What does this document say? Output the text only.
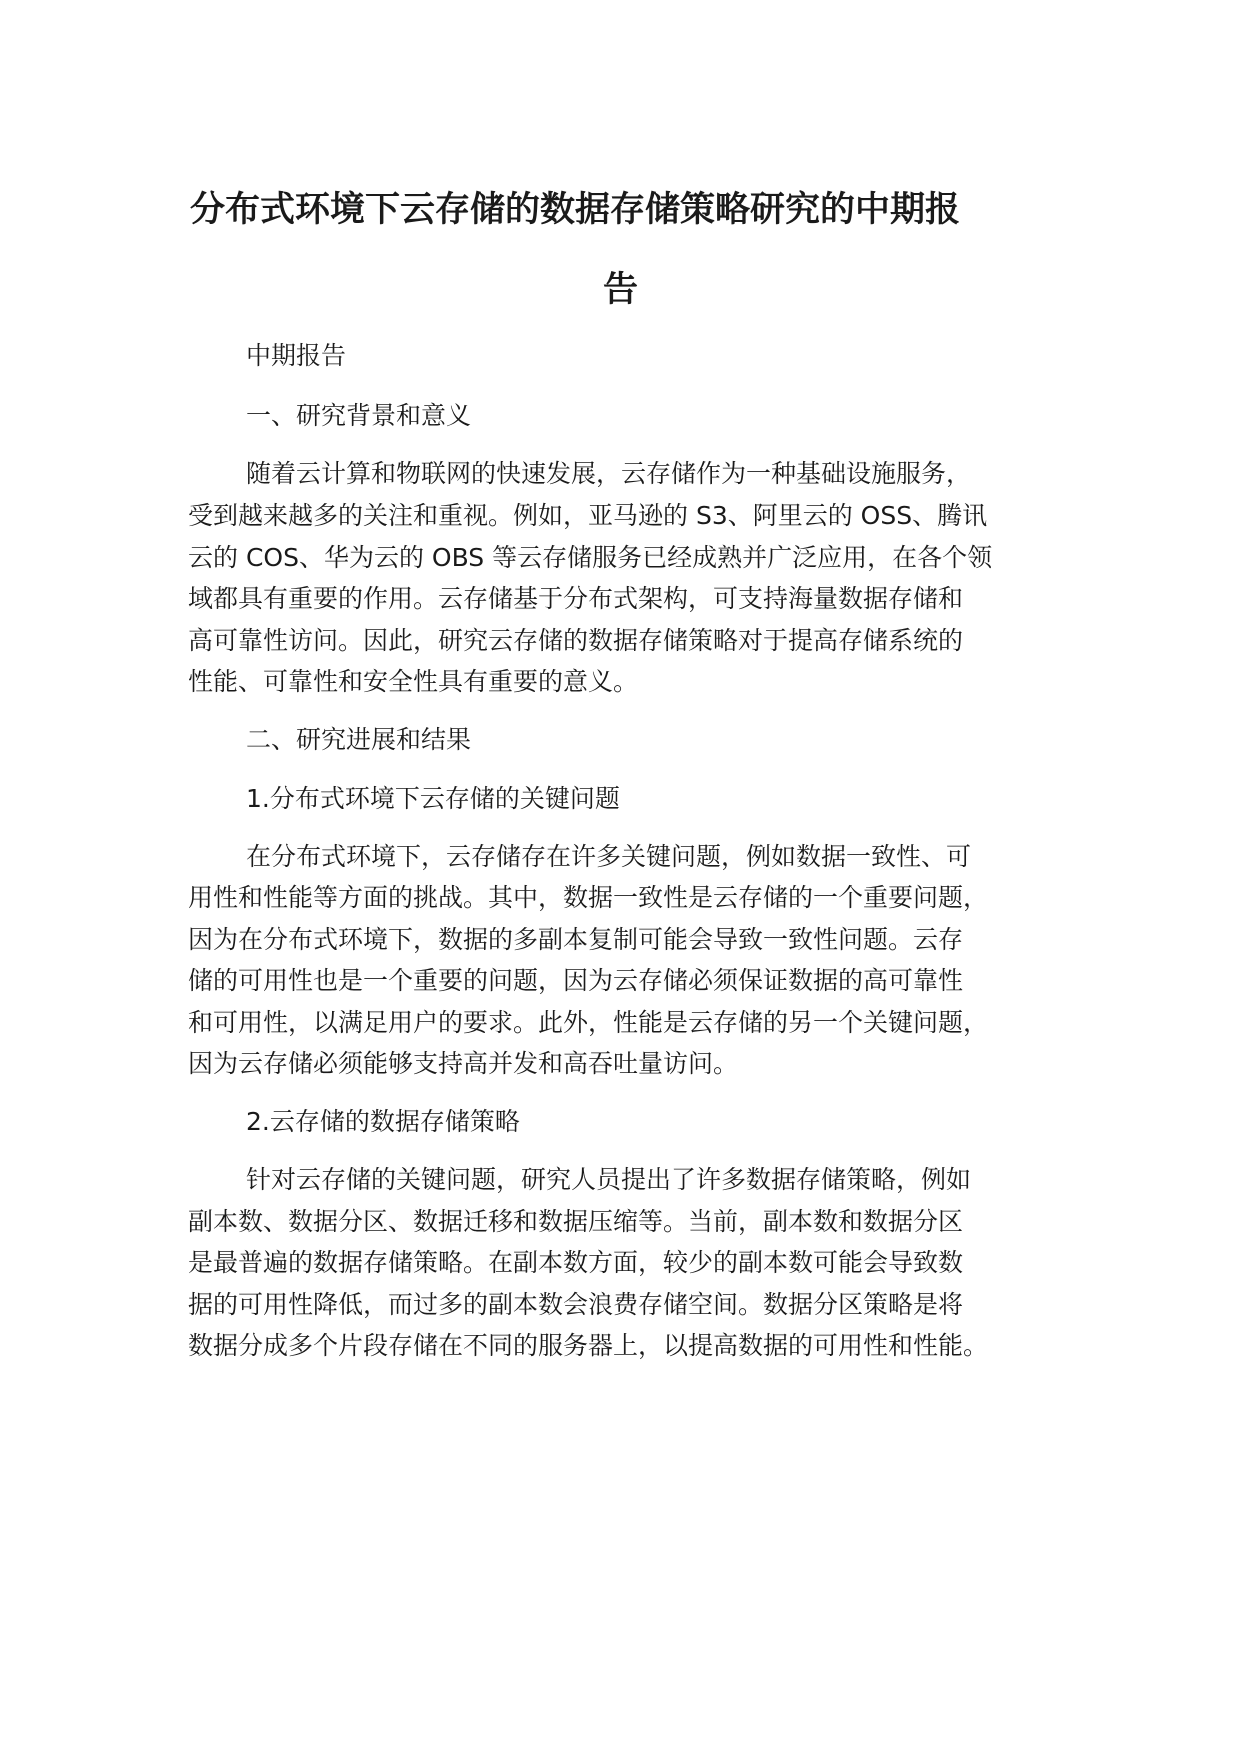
分布式环境下云存储的数据存储策略研究的中期报
告
中期报告
一、研究背景和意义
随着云计算和物联网的快速发展，云存储作为一种基础设施服务，
受到越来越多的关注和重视。例如，亚马逊的 S3、阿里云的 OSS、腾讯
云的 COS、华为云的 OBS 等云存储服务已经成熟并广泛应用，在各个领
域都具有重要的作用。云存储基于分布式架构，可支持海量数据存储和
高可靠性访问。因此，研究云存储的数据存储策略对于提高存储系统的
性能、可靠性和安全性具有重要的意义。
二、研究进展和结果
1.分布式环境下云存储的关键问题
在分布式环境下，云存储存在许多关键问题，例如数据一致性、可
用性和性能等方面的挑战。其中，数据一致性是云存储的一个重要问题，
因为在分布式环境下，数据的多副本复制可能会导致一致性问题。云存
储的可用性也是一个重要的问题，因为云存储必须保证数据的高可靠性
和可用性，以满足用户的要求。此外，性能是云存储的另一个关键问题，
因为云存储必须能够支持高并发和高吞吐量访问。
2.云存储的数据存储策略
针对云存储的关键问题，研究人员提出了许多数据存储策略，例如
副本数、数据分区、数据迁移和数据压缩等。当前，副本数和数据分区
是最普遍的数据存储策略。在副本数方面，较少的副本数可能会导致数
据的可用性降低，而过多的副本数会浪费存储空间。数据分区策略是将
数据分成多个片段存储在不同的服务器上，以提高数据的可用性和性能。
